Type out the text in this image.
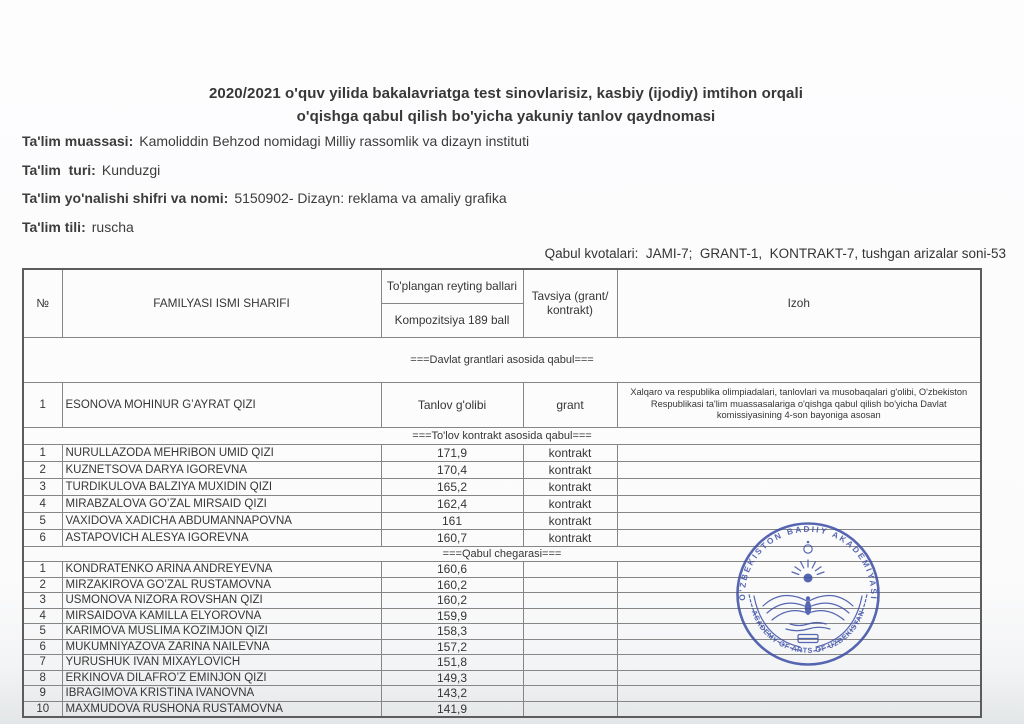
2020/2021 o'quv yilida bakalavriatga test sinovlarisiz, kasbiy (ijodiy) imtihon orqali
o'qishga qabul qilish bo'yicha yakuniy tanlov qaydnomasi
Ta'lim muassasi: Kamoliddin Behzod nomidagi Milliy rassomlik va dizayn instituti
Ta'lim  turi: Kunduzgi
Ta'lim yo'nalishi shifri va nomi: 5150902- Dizayn: reklama va amaliy grafika
Ta'lim tili: ruscha
Qabul kvotalari:  JAMI-7;  GRANT-1,  KONTRAKT-7, tushgan arizalar soni-53
№	FAMILYASI ISMI SHARIFI	To'plangan reyting ballari	Tavsiya (grant/ kontrakt)	Izoh
		Kompozitsiya 189 ball		
===Davlat grantlari asosida qabul===				
1	ESONOVA MOHINUR G’AYRAT QIZI	Tanlov g'olibi	grant	Xalqaro va respublika olimpiadalari, tanlovlari va musobaqalari g'olibi, O'zbekiston Respublikasi ta'lim muassasalariga o'qishga qabul qilish bo'yicha Davlat komissiyasining 4-son bayoniga asosan
===To'lov kontrakt asosida qabul===				
1	NURULLAZODA MEHRIBON UMID QIZI	171,9	kontrakt	
2	KUZNETSOVA DARYA IGOREVNA	170,4	kontrakt	
3	TURDIKULOVA BALZIYA MUXIDIN QIZI	165,2	kontrakt	
4	MIRABZALOVA GO’ZAL MIRSAID QIZI	162,4	kontrakt	
5	VAXIDOVA XADICHA ABDUMANNAPOVNA	161	kontrakt	
6	ASTAPOVICH ALESYA IGOREVNA	160,7	kontrakt	
===Qabul chegarasi===				
1	KONDRATENKO ARINA ANDREYEVNA	160,6		
2	MIRZAKIROVA GO’ZAL RUSTAMOVNA	160,2		
3	USMONOVA NIZORA ROVSHAN QIZI	160,2		
4	MIRSAIDOVA KAMILLA ELYOROVNA	159,9		
5	KARIMOVA MUSLIMA KOZIMJON QIZI	158,3		
6	MUKUMNIYAZOVA ZARINA NAILEVNA	157,2		
7	YURUSHUK IVAN MIXAYLOVICH	151,8		
8	ERKINOVA DILAFRO’Z EMINJON QIZI	149,3		
9	IBRAGIMOVA KRISTINA IVANOVNA	143,2		
10	MAXMUDOVA RUSHONA RUSTAMOVNA	141,9		
O'ZBEKISTON BADIIY AKADEMIYASI
ACADEMY OF ARTS OF UZBEKISTAN
